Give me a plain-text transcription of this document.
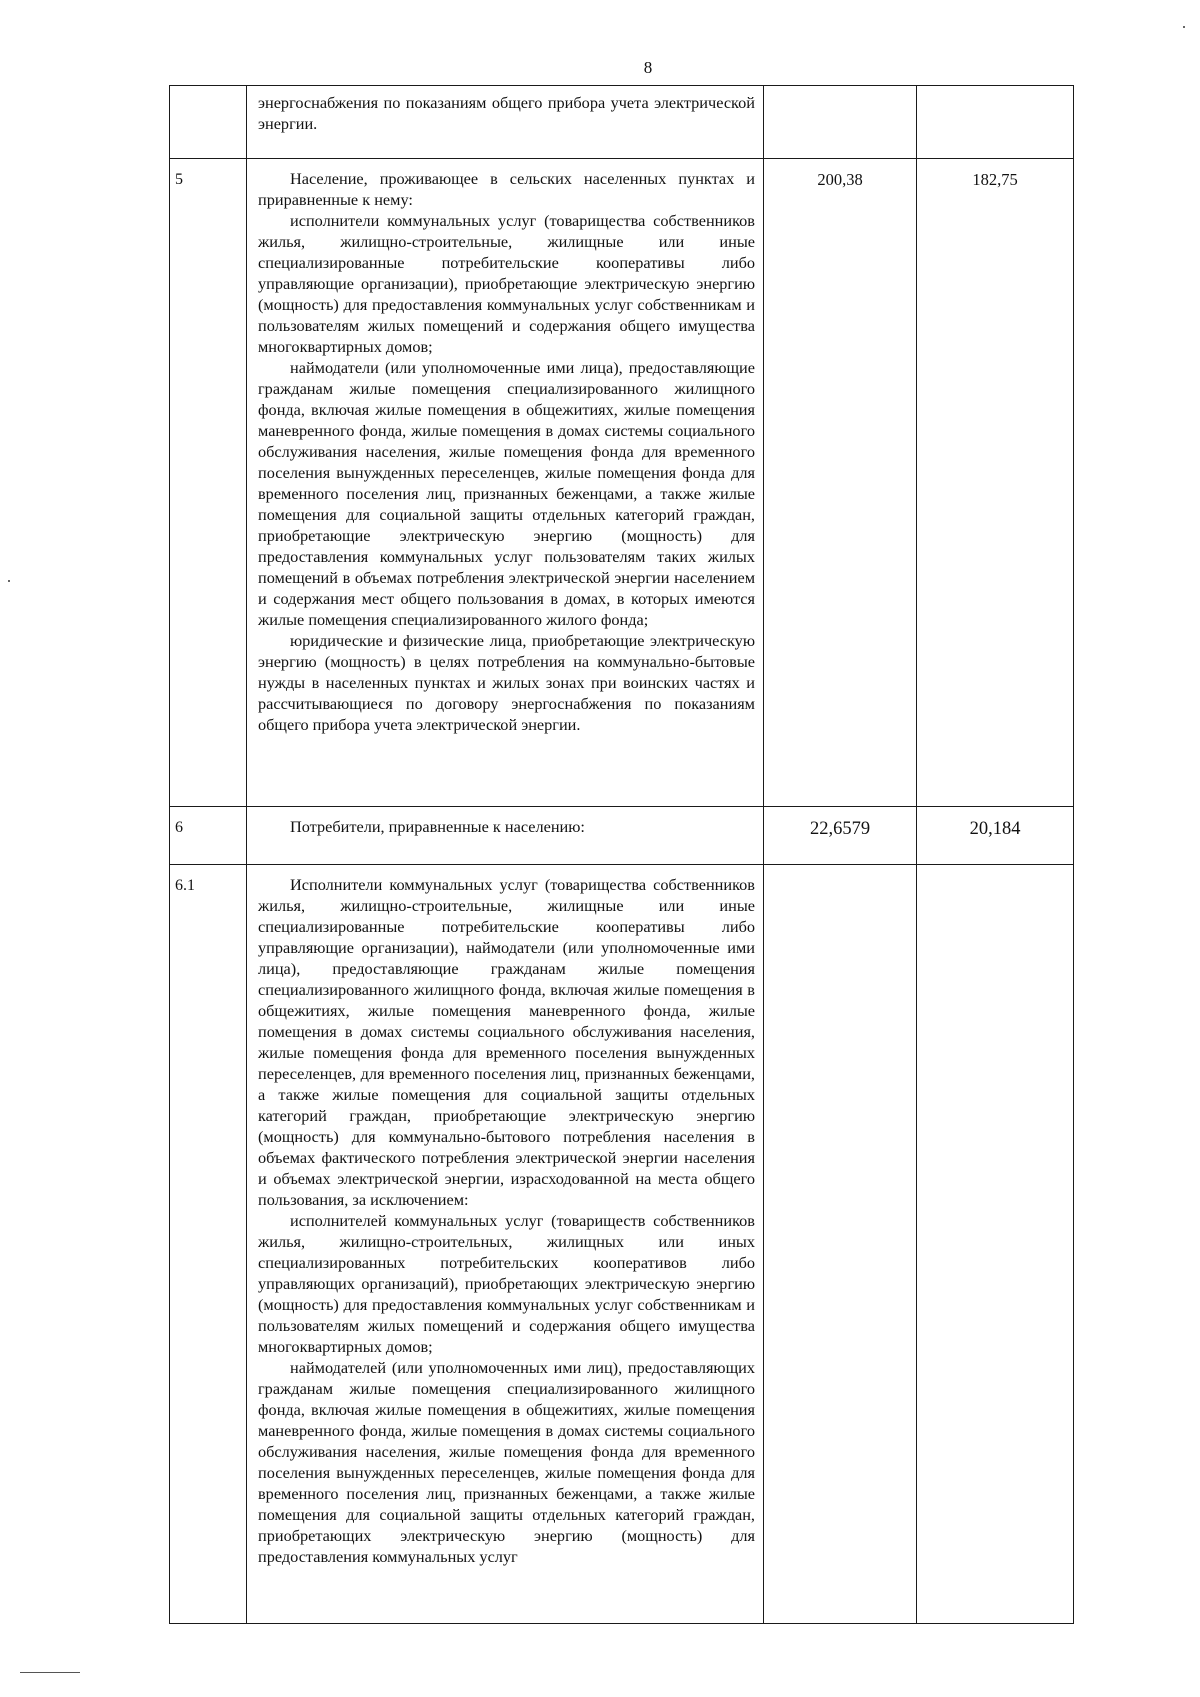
8

	энергоснабжения по показаниям общего прибора учета электрической энергии.		

5	Население, проживающее в сельских населенных пунктах и приравненные к нему:

исполнители коммунальных услуг (товарищества собственников жилья, жилищно-строительные, жилищные или иные специализированные потребительские кооперативы либо управляющие организации), приобретающие электрическую энергию (мощность) для предоставления коммунальных услуг собственникам и пользователям жилых помещений и содержания общего имущества многоквартирных домов;

наймодатели (или уполномоченные ими лица), предоставляющие гражданам жилые помещения специализированного жилищного фонда, включая жилые помещения в общежитиях, жилые помещения маневренного фонда, жилые помещения в домах системы социального обслуживания населения, жилые помещения фонда для временного поселения вынужденных переселенцев, жилые помещения фонда для временного поселения лиц, признанных беженцами, а также жилые помещения для социальной защиты отдельных категорий граждан, приобретающие электрическую энергию (мощность) для предоставления коммунальных услуг пользователям таких жилых помещений в объемах потребления электрической энергии населением и содержания мест общего пользования в домах, в которых имеются жилые помещения специализированного жилого фонда;

юридические и физические лица, приобретающие электрическую энергию (мощность) в целях потребления на коммунально-бытовые нужды в населенных пунктах и жилых зонах при воинских частях и рассчитывающиеся по договору энергоснабжения по показаниям общего прибора учета электрической энергии.	200,38	182,75
6	Потребители, приравненные к населению:	22,6579	20,184
6.1	Исполнители коммунальных услуг (товарищества собственников жилья, жилищно-строительные, жилищные или иные специализированные потребительские кооперативы либо управляющие организации), наймодатели (или уполномоченные ими лица), предоставляющие гражданам жилые помещения специализированного жилищного фонда, включая жилые помещения в общежитиях, жилые помещения маневренного фонда, жилые помещения в домах системы социального обслуживания населения, жилые помещения фонда для временного поселения вынужденных переселенцев, для временного поселения лиц, признанных беженцами, а также жилые помещения для социальной защиты отдельных категорий граждан, приобретающие электрическую энергию (мощность) для коммунально-бытового потребления населения в объемах фактического потребления электрической энергии населения и объемах электрической энергии, израсходованной на места общего пользования, за исключением:

исполнителей коммунальных услуг (товариществ собственников жилья, жилищно-строительных, жилищных или иных специализированных потребительских кооперативов либо управляющих организаций), приобретающих электрическую энергию (мощность) для предоставления коммунальных услуг собственникам и пользователям жилых помещений и содержания общего имущества многоквартирных домов;

наймодателей (или уполномоченных ими лиц), предоставляющих гражданам жилые помещения специализированного жилищного фонда, включая жилые помещения в общежитиях, жилые помещения маневренного фонда, жилые помещения в домах системы социального обслуживания населения, жилые помещения фонда для временного поселения вынужденных переселенцев, жилые помещения фонда для временного поселения лиц, признанных беженцами, а также жилые помещения для социальной защиты отдельных категорий граждан, приобретающих электрическую энергию (мощность) для предоставления коммунальных услуг		
